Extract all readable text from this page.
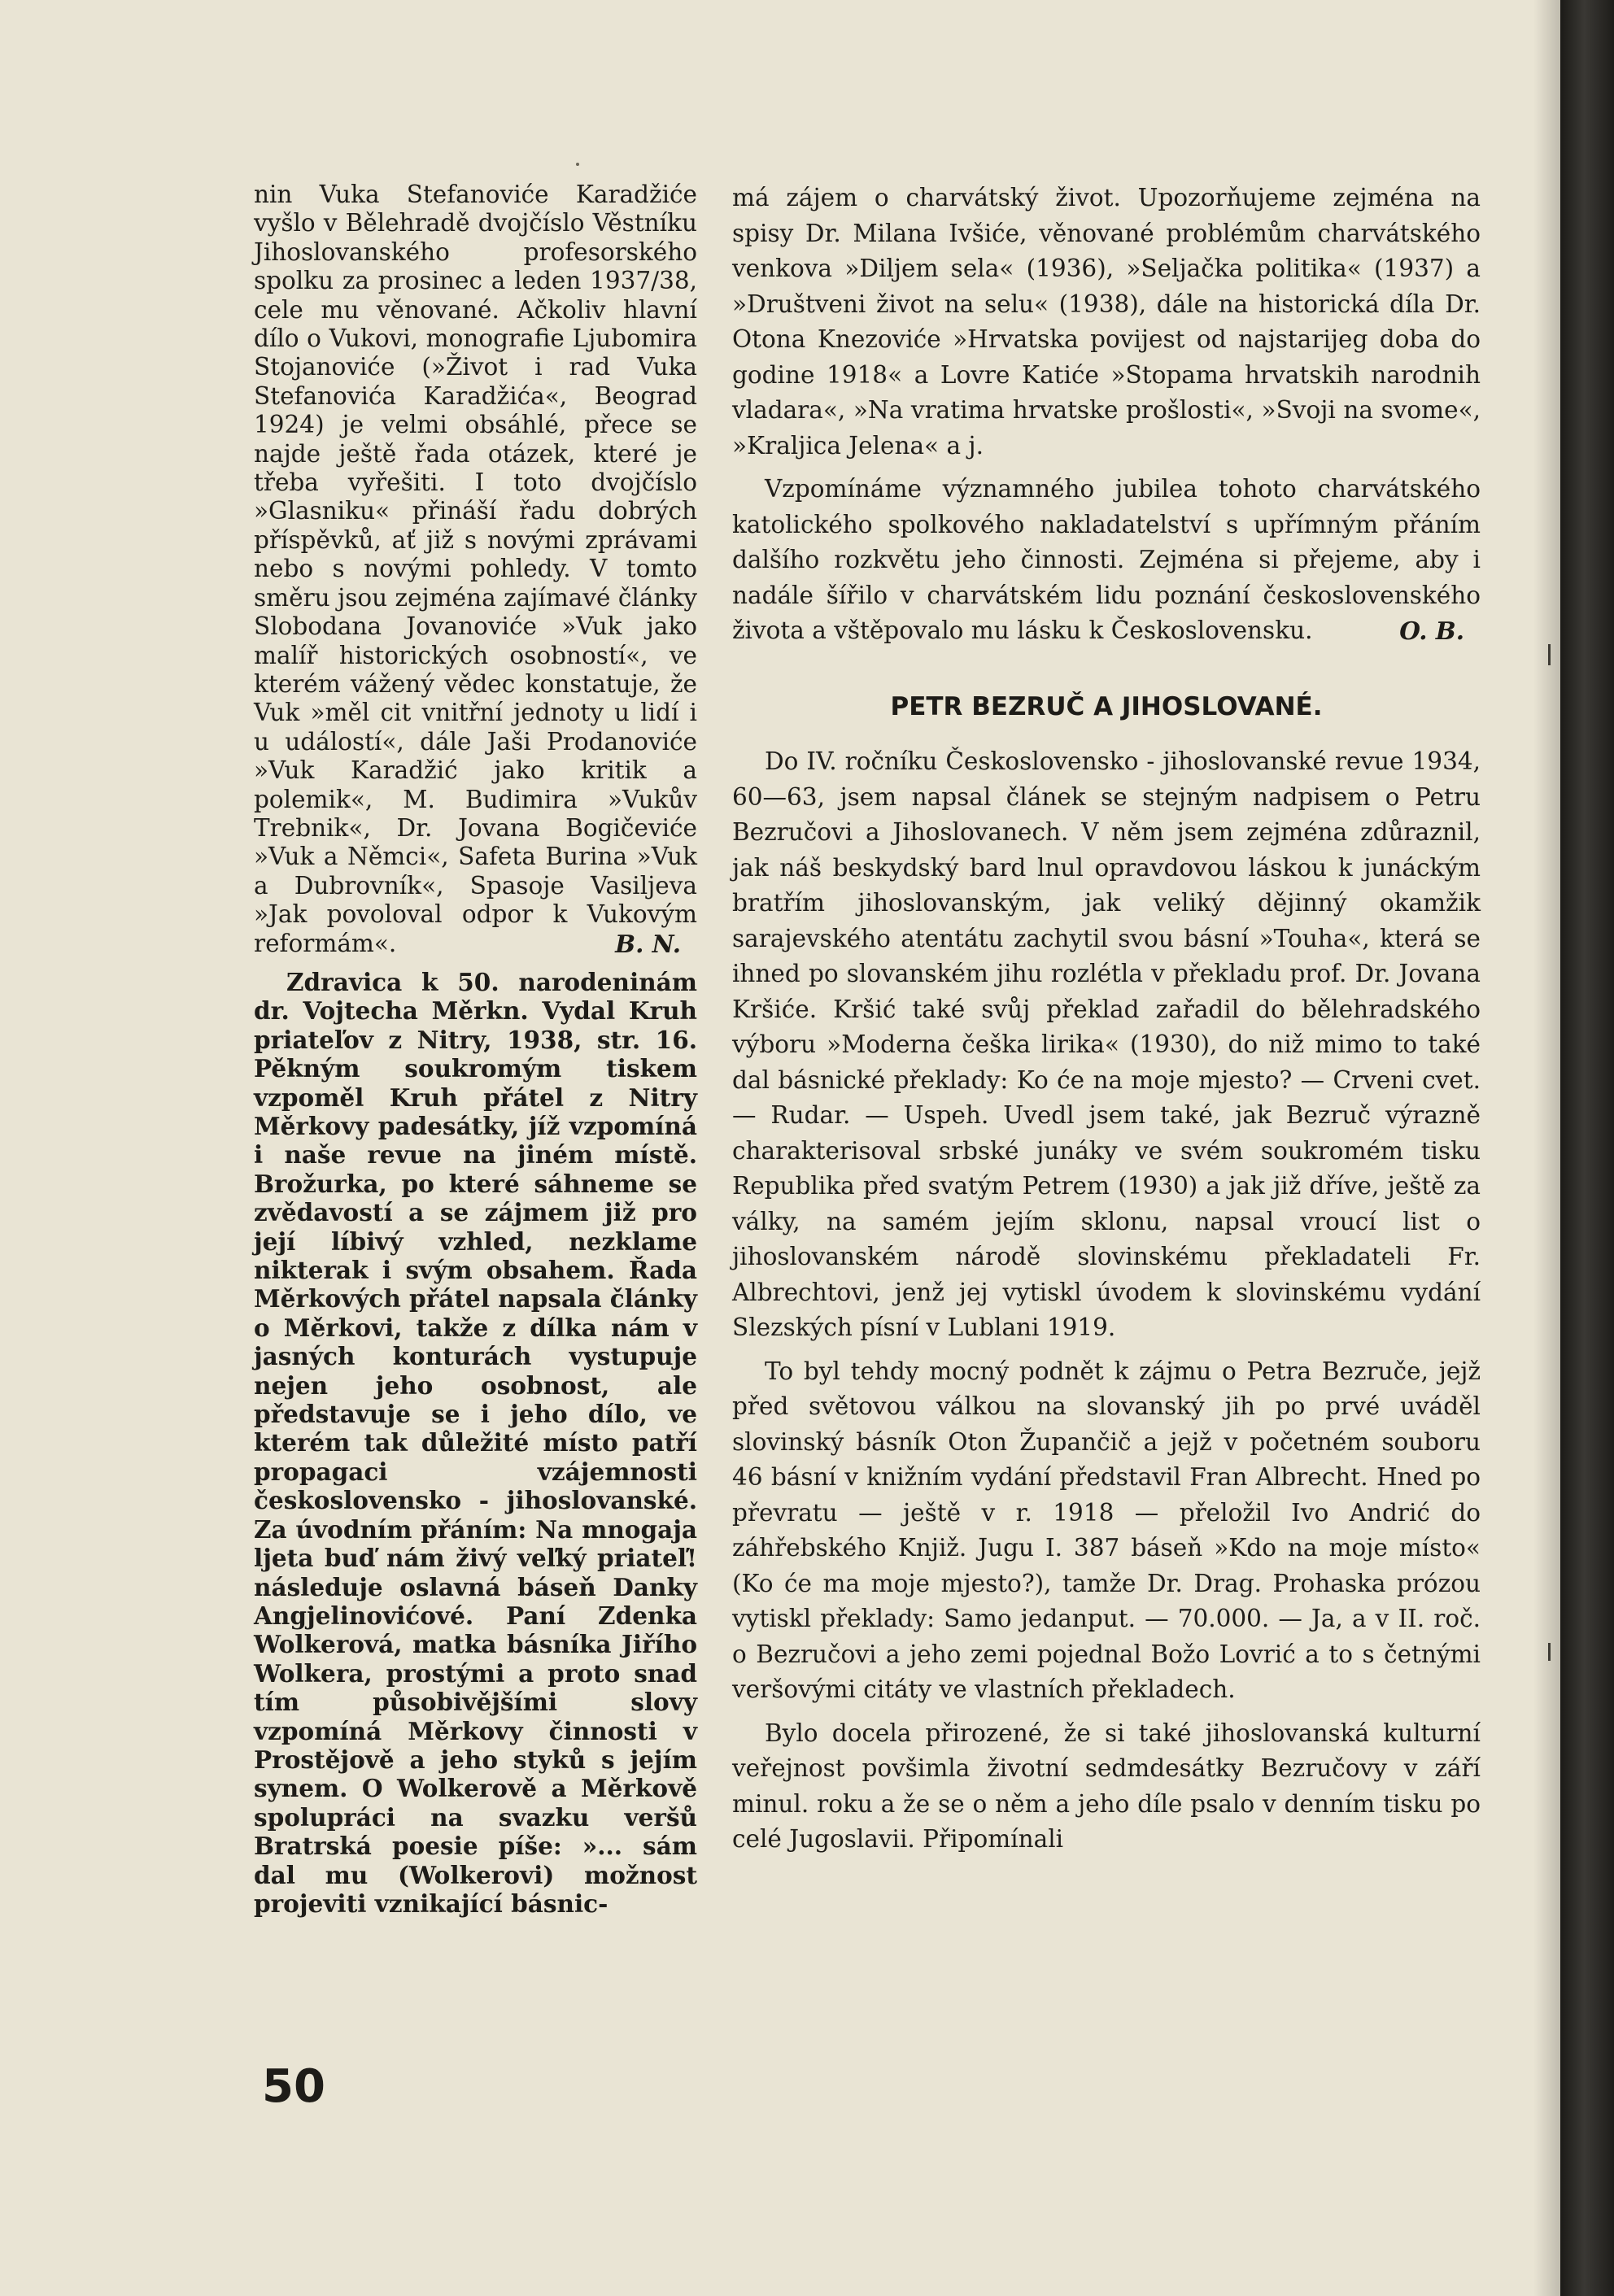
nin Vuka Stefanoviće Karadžiće vyšlo v Bělehradě dvojčíslo Věstníku Jihoslovanského profesorského spolku za prosinec a leden 1937/38, cele mu věnované. Ačkoliv hlavní dílo o Vukovi, monografie Ljubomira Stojanoviće (»Život i rad Vuka Stefanovića Karadžića«, Beograd 1924) je velmi obsáhlé, přece se najde ještě řada otázek, které je třeba vyřešiti. I toto dvojčíslo »Glasniku« přináší řadu dobrých příspěvků, ať již s novými zprávami nebo s novými pohledy. V tomto směru jsou zejména zajímavé články Slobodana Jovanoviće »Vuk jako malíř historických osobností«, ve kterém vážený vědec konstatuje, že Vuk »měl cit vnitřní jednoty u lidí i u událostí«, dále Jaši Prodanoviće »Vuk Karadžić jako kritik a polemik«, M. Budimira »Vukův Trebnik«, Dr. Jovana Bogičeviće »Vuk a Němci«, Safeta Burina »Vuk a Dubrovník«, Spasoje Vasiljeva »Jak povoloval odpor k Vukovým reformám«.	B. N.

Zdravica k 50. narodeninám dr. Vojtecha Měrkn. Vydal Kruh priateľov z Nitry, 1938, str. 16. Pěkným soukromým tiskem vzpoměl Kruh přátel z Nitry Měrkovy padesátky, jíž vzpomíná i naše revue na jiném místě. Brožurka, po které sáhneme se zvědavostí a se zájmem již pro její líbivý vzhled, nezklame nikterak i svým obsahem. Řada Měrkových přátel napsala články o Měrkovi, takže z dílka nám v jasných konturách vystupuje nejen jeho osobnost, ale představuje se i jeho dílo, ve kterém tak důležité místo patří propagaci vzájemnosti československo - jihoslovanské. Za úvodním přáním: Na mnogaja ljeta buď nám živý veľký priateľ! následuje oslavná báseň Danky Angjelinovićové. Paní Zdenka Wolkerová, matka básníka Jiřího Wolkera, prostými a proto snad tím působivějšími slovy vzpomíná Měrkovy činnosti v Prostějově a jeho styků s jejím synem. O Wolkerově a Měrkově spolupráci na svazku veršů Bratrská poesie píše: »... sám dal mu (Wolkerovi) možnost projeviti vznikající básnic-

má zájem o charvátský život. Upozorňujeme zejména na spisy Dr. Milana Ivšiće, věnované problémům charvátského venkova »Diljem sela« (1936), »Seljačka politika« (1937) a »Društveni život na selu« (1938), dále na historická díla Dr. Otona Knezoviće »Hrvatska povijest od najstarijeg doba do godine 1918« a Lovre Katiće »Stopama hrvatskih narodnih vladara«, »Na vratima hrvatske prošlosti«, »Svoji na svome«, »Kraljica Jelena« a j.

Vzpomínáme významného jubilea tohoto charvátského katolického spolkového nakladatelství s upřímným přáním dalšího rozkvětu jeho činnosti. Zejména si přejeme, aby i nadále šířilo v charvátském lidu poznání československého života a vštěpovalo mu lásku k Československu.	O. B.

PETR BEZRUČ A JIHOSLOVANÉ.

Do IV. ročníku Československo - jihoslovanské revue 1934, 60—63, jsem napsal článek se stejným nadpisem o Petru Bezručovi a Jihoslovanech. V něm jsem zejména zdůraznil, jak náš beskydský bard lnul opravdovou láskou k junáckým bratřím jihoslovanským, jak veliký dějinný okamžik sarajevského atentátu zachytil svou básní »Touha«, která se ihned po slovanském jihu rozlétla v překladu prof. Dr. Jovana Kršiće. Kršić také svůj překlad zařadil do bělehradského výboru »Moderna češka lirika« (1930), do niž mimo to také dal básnické překlady: Ko će na moje mjesto? — Crveni cvet. — Rudar. — Uspeh. Uvedl jsem také, jak Bezruč výrazně charakterisoval srbské junáky ve svém soukromém tisku Republika před svatým Petrem (1930) a jak již dříve, ještě za války, na samém jejím sklonu, napsal vroucí list o jihoslovanském národě slovinskému překladateli Fr. Albrechtovi, jenž jej vytiskl úvodem k slovinskému vydání Slezských písní v Lublani 1919.

To byl tehdy mocný podnět k zájmu o Petra Bezruče, jejž před světovou válkou na slovanský jih po prvé uváděl slovinský básník Oton Župančič a jejž v početném souboru 46 básní v knižním vydání představil Fran Albrecht. Hned po převratu — ještě v r. 1918 — přeložil Ivo Andrić do záhřebského Knjiž. Jugu I. 387 báseň »Kdo na moje místo« (Ko će ma moje mjesto?), tamže Dr. Drag. Prohaska prózou vytiskl překlady: Samo jedanput. — 70.000. — Ja, a v II. roč. o Bezručovi a jeho zemi pojednal Božo Lovrić a to s četnými veršovými citáty ve vlastních překladech.

Bylo docela přirozené, že si také jihoslovanská kulturní veřejnost povšimla životní sedmdesátky Bezručovy v září minul. roku a že se o něm a jeho díle psalo v denním tisku po celé Jugoslavii. Připomínali

50
